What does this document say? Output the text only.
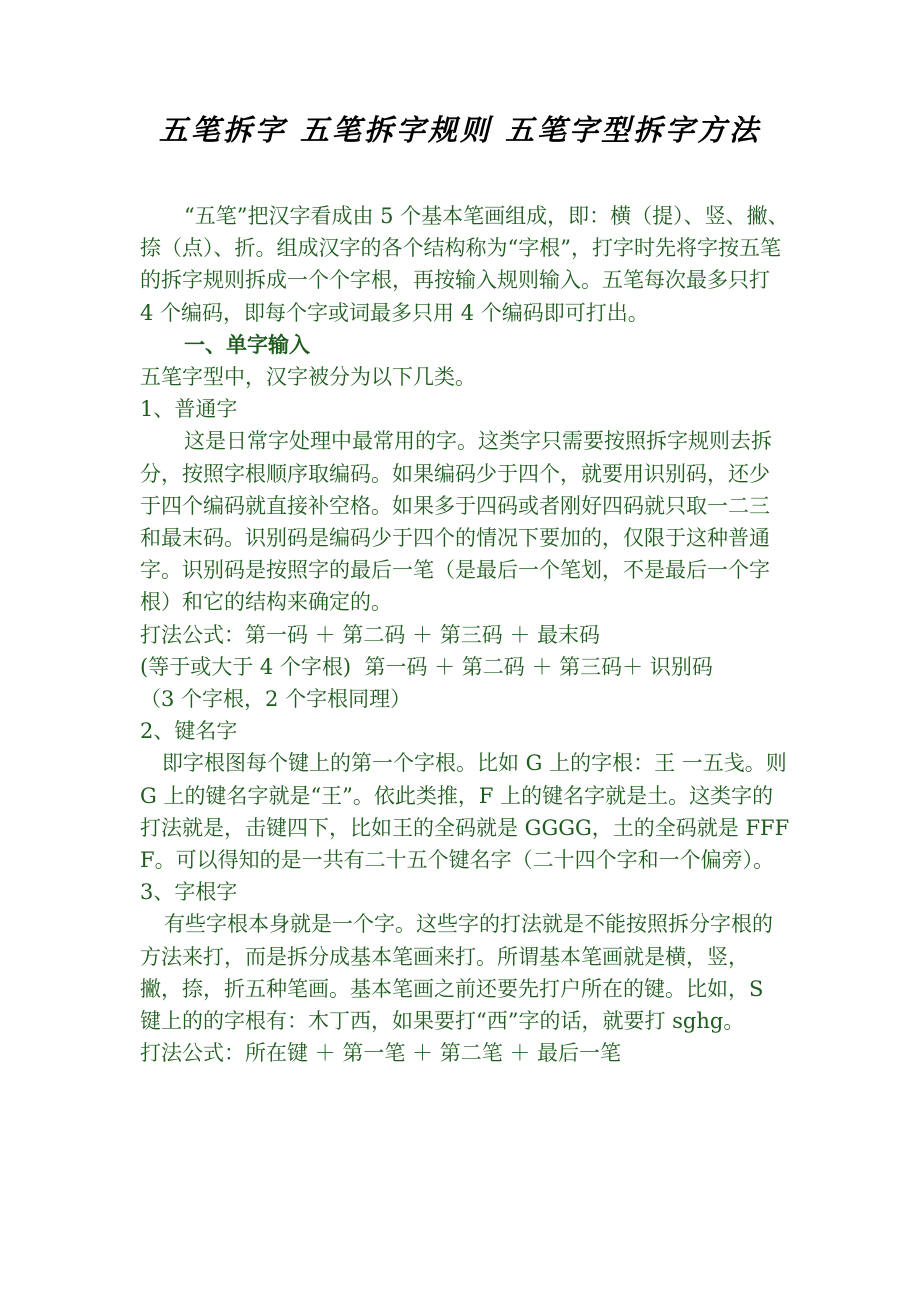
五笔拆字 五笔拆字规则 五笔字型拆字方法

“五笔”把汉字看成由 5 个基本笔画组成，即：横（提）、竖、撇、捺（点）、折。组成汉字的各个结构称为“字根”，打字时先将字按五笔的拆字规则拆成一个个字根，再按输入规则输入。五笔每次最多只打 4 个编码，即每个字或词最多只用 4 个编码即可打出。

一、单字输入

五笔字型中，汉字被分为以下几类。

1、普通字

这是日常字处理中最常用的字。这类字只需要按照拆字规则去拆分，按照字根顺序取编码。如果编码少于四个，就要用识别码，还少于四个编码就直接补空格。如果多于四码或者刚好四码就只取一二三和最末码。识别码是编码少于四个的情况下要加的，仅限于这种普通字。识别码是按照字的最后一笔（是最后一个笔划，不是最后一个字根）和它的结构来确定的。

打法公式：第一码 ＋ 第二码 ＋ 第三码 ＋ 最末码

(等于或大于 4 个字根)  第一码 ＋ 第二码 ＋ 第三码＋ 识别码         （3 个字根，2 个字根同理）

2、键名字

即字根图每个键上的第一个字根。比如 G 上的字根：王 一五戋。则 G 上的键名字就是“王”。依此类推，F 上的键名字就是土。这类字的打法就是，击键四下，比如王的全码就是 GGGG，土的全码就是 FFFF。可以得知的是一共有二十五个键名字（二十四个字和一个偏旁）。

3、字根字

有些字根本身就是一个字。这些字的打法就是不能按照拆分字根的方法来打，而是拆分成基本笔画来打。所谓基本笔画就是横，竖，撇，捺，折五种笔画。基本笔画之前还要先打户所在的键。比如，S 键上的的字根有：木丁西，如果要打“西”字的话，就要打 sghg。

打法公式：所在键 ＋ 第一笔 ＋ 第二笔 ＋ 最后一笔
